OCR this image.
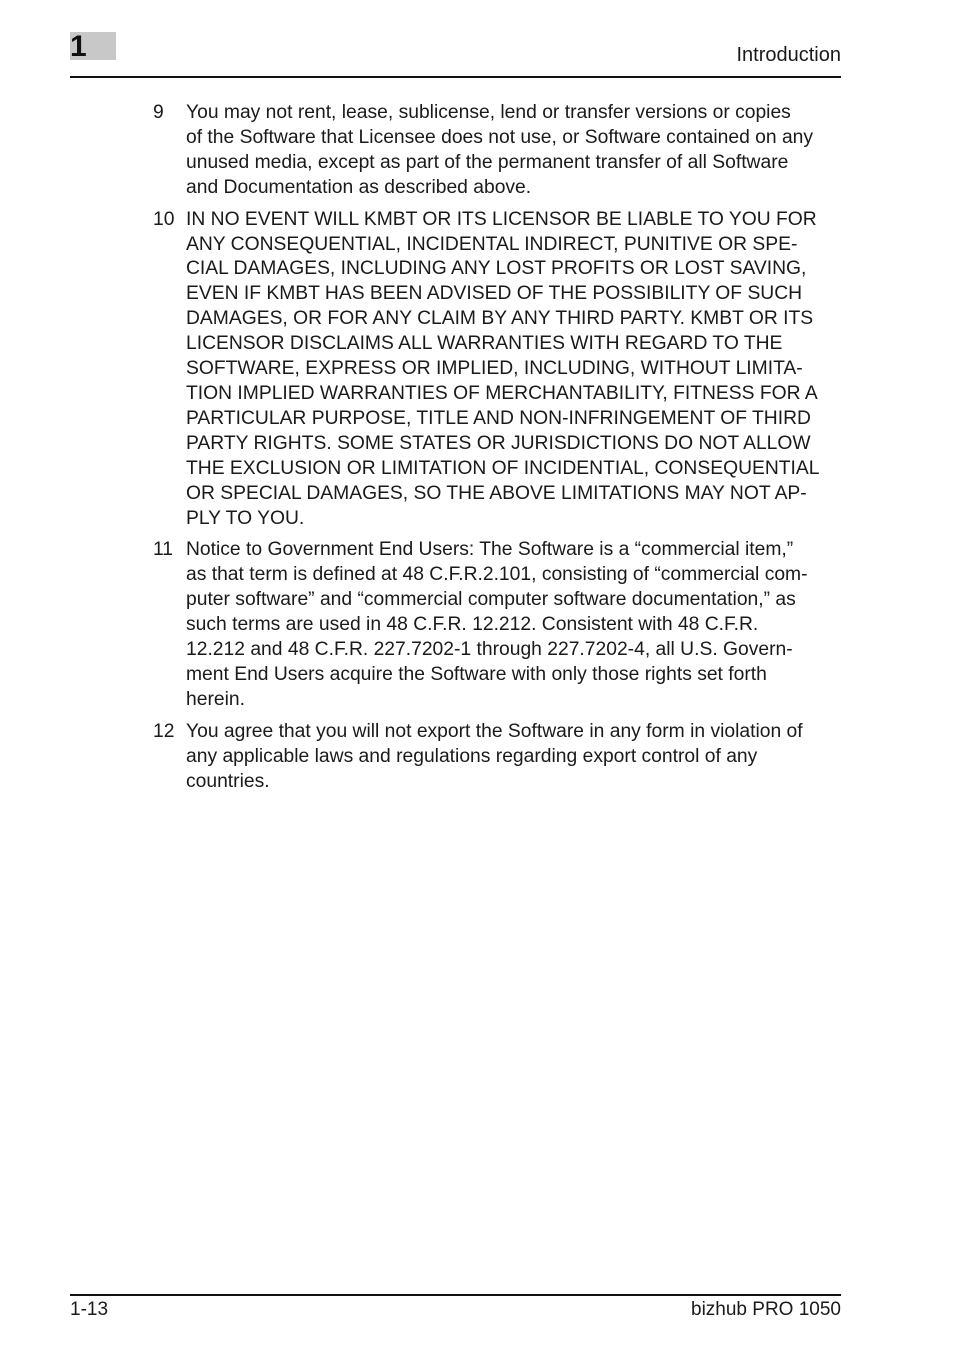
1	Introduction
9	You may not rent, lease, sublicense, lend or transfer versions or copies
of the Software that Licensee does not use, or Software contained on any
unused media, except as part of the permanent transfer of all Software
and Documentation as described above.
10 IN NO EVENT WILL KMBT OR ITS LICENSOR BE LIABLE TO YOU FOR
ANY CONSEQUENTIAL, INCIDENTAL INDIRECT, PUNITIVE OR SPE-
CIAL DAMAGES, INCLUDING ANY LOST PROFITS OR LOST SAVING,
EVEN IF KMBT HAS BEEN ADVISED OF THE POSSIBILITY OF SUCH
DAMAGES, OR FOR ANY CLAIM BY ANY THIRD PARTY. KMBT OR ITS
LICENSOR DISCLAIMS ALL WARRANTIES WITH REGARD TO THE
SOFTWARE, EXPRESS OR IMPLIED, INCLUDING, WITHOUT LIMITA-
TION IMPLIED WARRANTIES OF MERCHANTABILITY, FITNESS FOR A
PARTICULAR PURPOSE, TITLE AND NON-INFRINGEMENT OF THIRD
PARTY RIGHTS. SOME STATES OR JURISDICTIONS DO NOT ALLOW
THE EXCLUSION OR LIMITATION OF INCIDENTIAL, CONSEQUENTIAL
OR SPECIAL DAMAGES, SO THE ABOVE LIMITATIONS MAY NOT AP-
PLY TO YOU.
11 Notice to Government End Users: The Software is a “commercial item,”
as that term is defined at 48 C.F.R.2.101, consisting of “commercial com-
puter software” and “commercial computer software documentation,” as
such terms are used in 48 C.F.R. 12.212. Consistent with 48 C.F.R.
12.212 and 48 C.F.R. 227.7202-1 through 227.7202-4, all U.S. Govern-
ment End Users acquire the Software with only those rights set forth
herein.
12 You agree that you will not export the Software in any form in violation of
any applicable laws and regulations regarding export control of any
countries.
1-13	bizhub PRO 1050
